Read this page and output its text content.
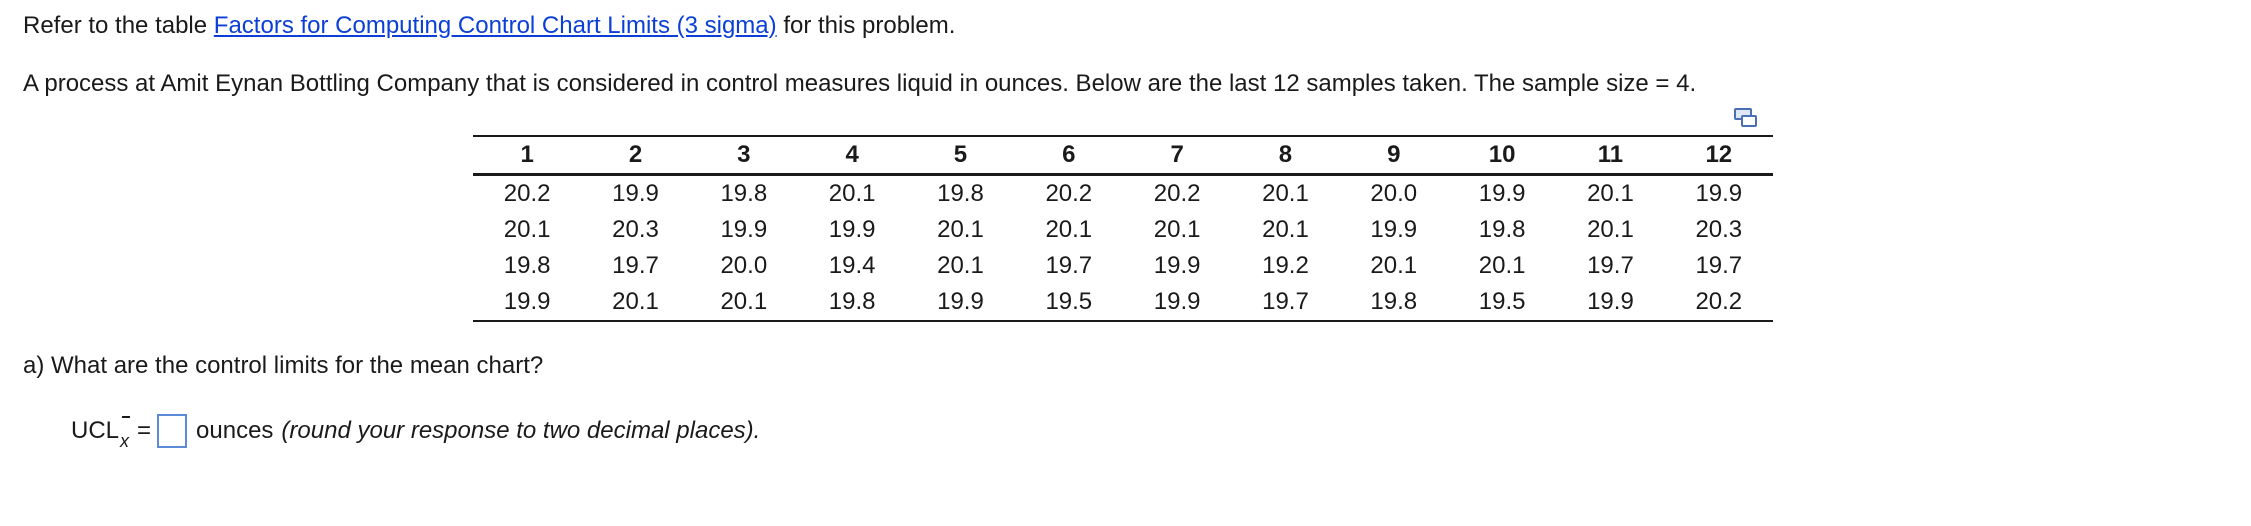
Refer to the table Factors for Computing Control Chart Limits (3 sigma) for this problem.
A process at Amit Eynan Bottling Company that is considered in control measures liquid in ounces. Below are the last 12 samples taken. The sample size = 4.
1	2	3	4	5	6	7	8	9	10	11	12
20.2	19.9	19.8	20.1	19.8	20.2	20.2	20.1	20.0	19.9	20.1	19.9
20.1	20.3	19.9	19.9	20.1	20.1	20.1	20.1	19.9	19.8	20.1	20.3
19.8	19.7	20.0	19.4	20.1	19.7	19.9	19.2	20.1	20.1	19.7	19.7
19.9	20.1	20.1	19.8	19.9	19.5	19.9	19.7	19.8	19.5	19.9	20.2
a) What are the control limits for the mean chart?
UCL x = ounces (round your response to two decimal places).
